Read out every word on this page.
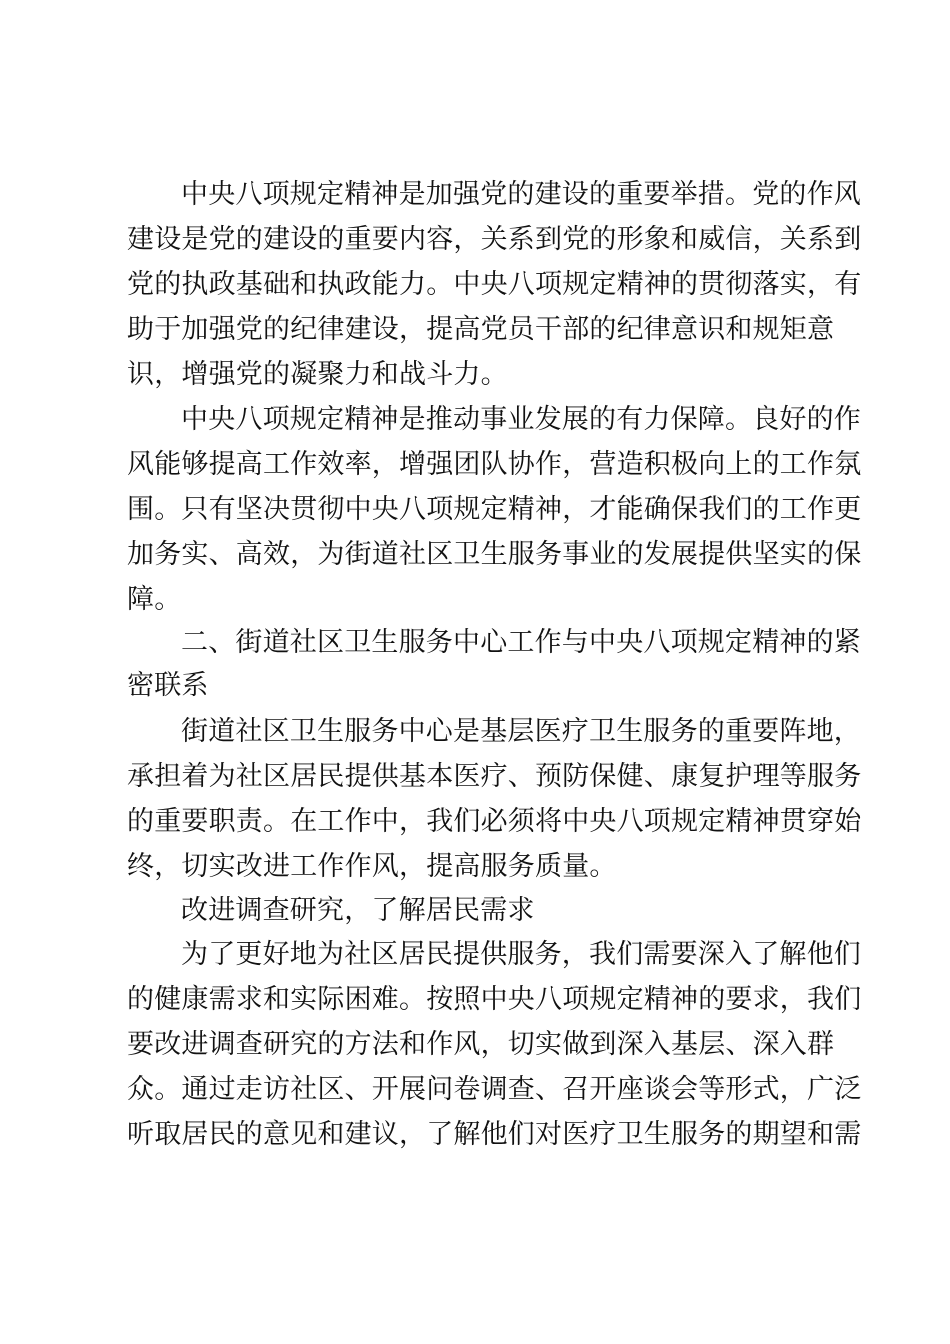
中央八项规定精神是加强党的建设的重要举措。党的作风
建设是党的建设的重要内容，关系到党的形象和威信，关系到
党的执政基础和执政能力。中央八项规定精神的贯彻落实，有
助于加强党的纪律建设，提高党员干部的纪律意识和规矩意
识，增强党的凝聚力和战斗力。
中央八项规定精神是推动事业发展的有力保障。良好的作
风能够提高工作效率，增强团队协作，营造积极向上的工作氛
围。只有坚决贯彻中央八项规定精神，才能确保我们的工作更
加务实、高效，为街道社区卫生服务事业的发展提供坚实的保
障。
二、街道社区卫生服务中心工作与中央八项规定精神的紧
密联系
街道社区卫生服务中心是基层医疗卫生服务的重要阵地，
承担着为社区居民提供基本医疗、预防保健、康复护理等服务
的重要职责。在工作中，我们必须将中央八项规定精神贯穿始
终，切实改进工作作风，提高服务质量。
改进调查研究，了解居民需求
为了更好地为社区居民提供服务，我们需要深入了解他们
的健康需求和实际困难。按照中央八项规定精神的要求，我们
要改进调查研究的方法和作风，切实做到深入基层、深入群
众。通过走访社区、开展问卷调查、召开座谈会等形式，广泛
听取居民的意见和建议，了解他们对医疗卫生服务的期望和需
